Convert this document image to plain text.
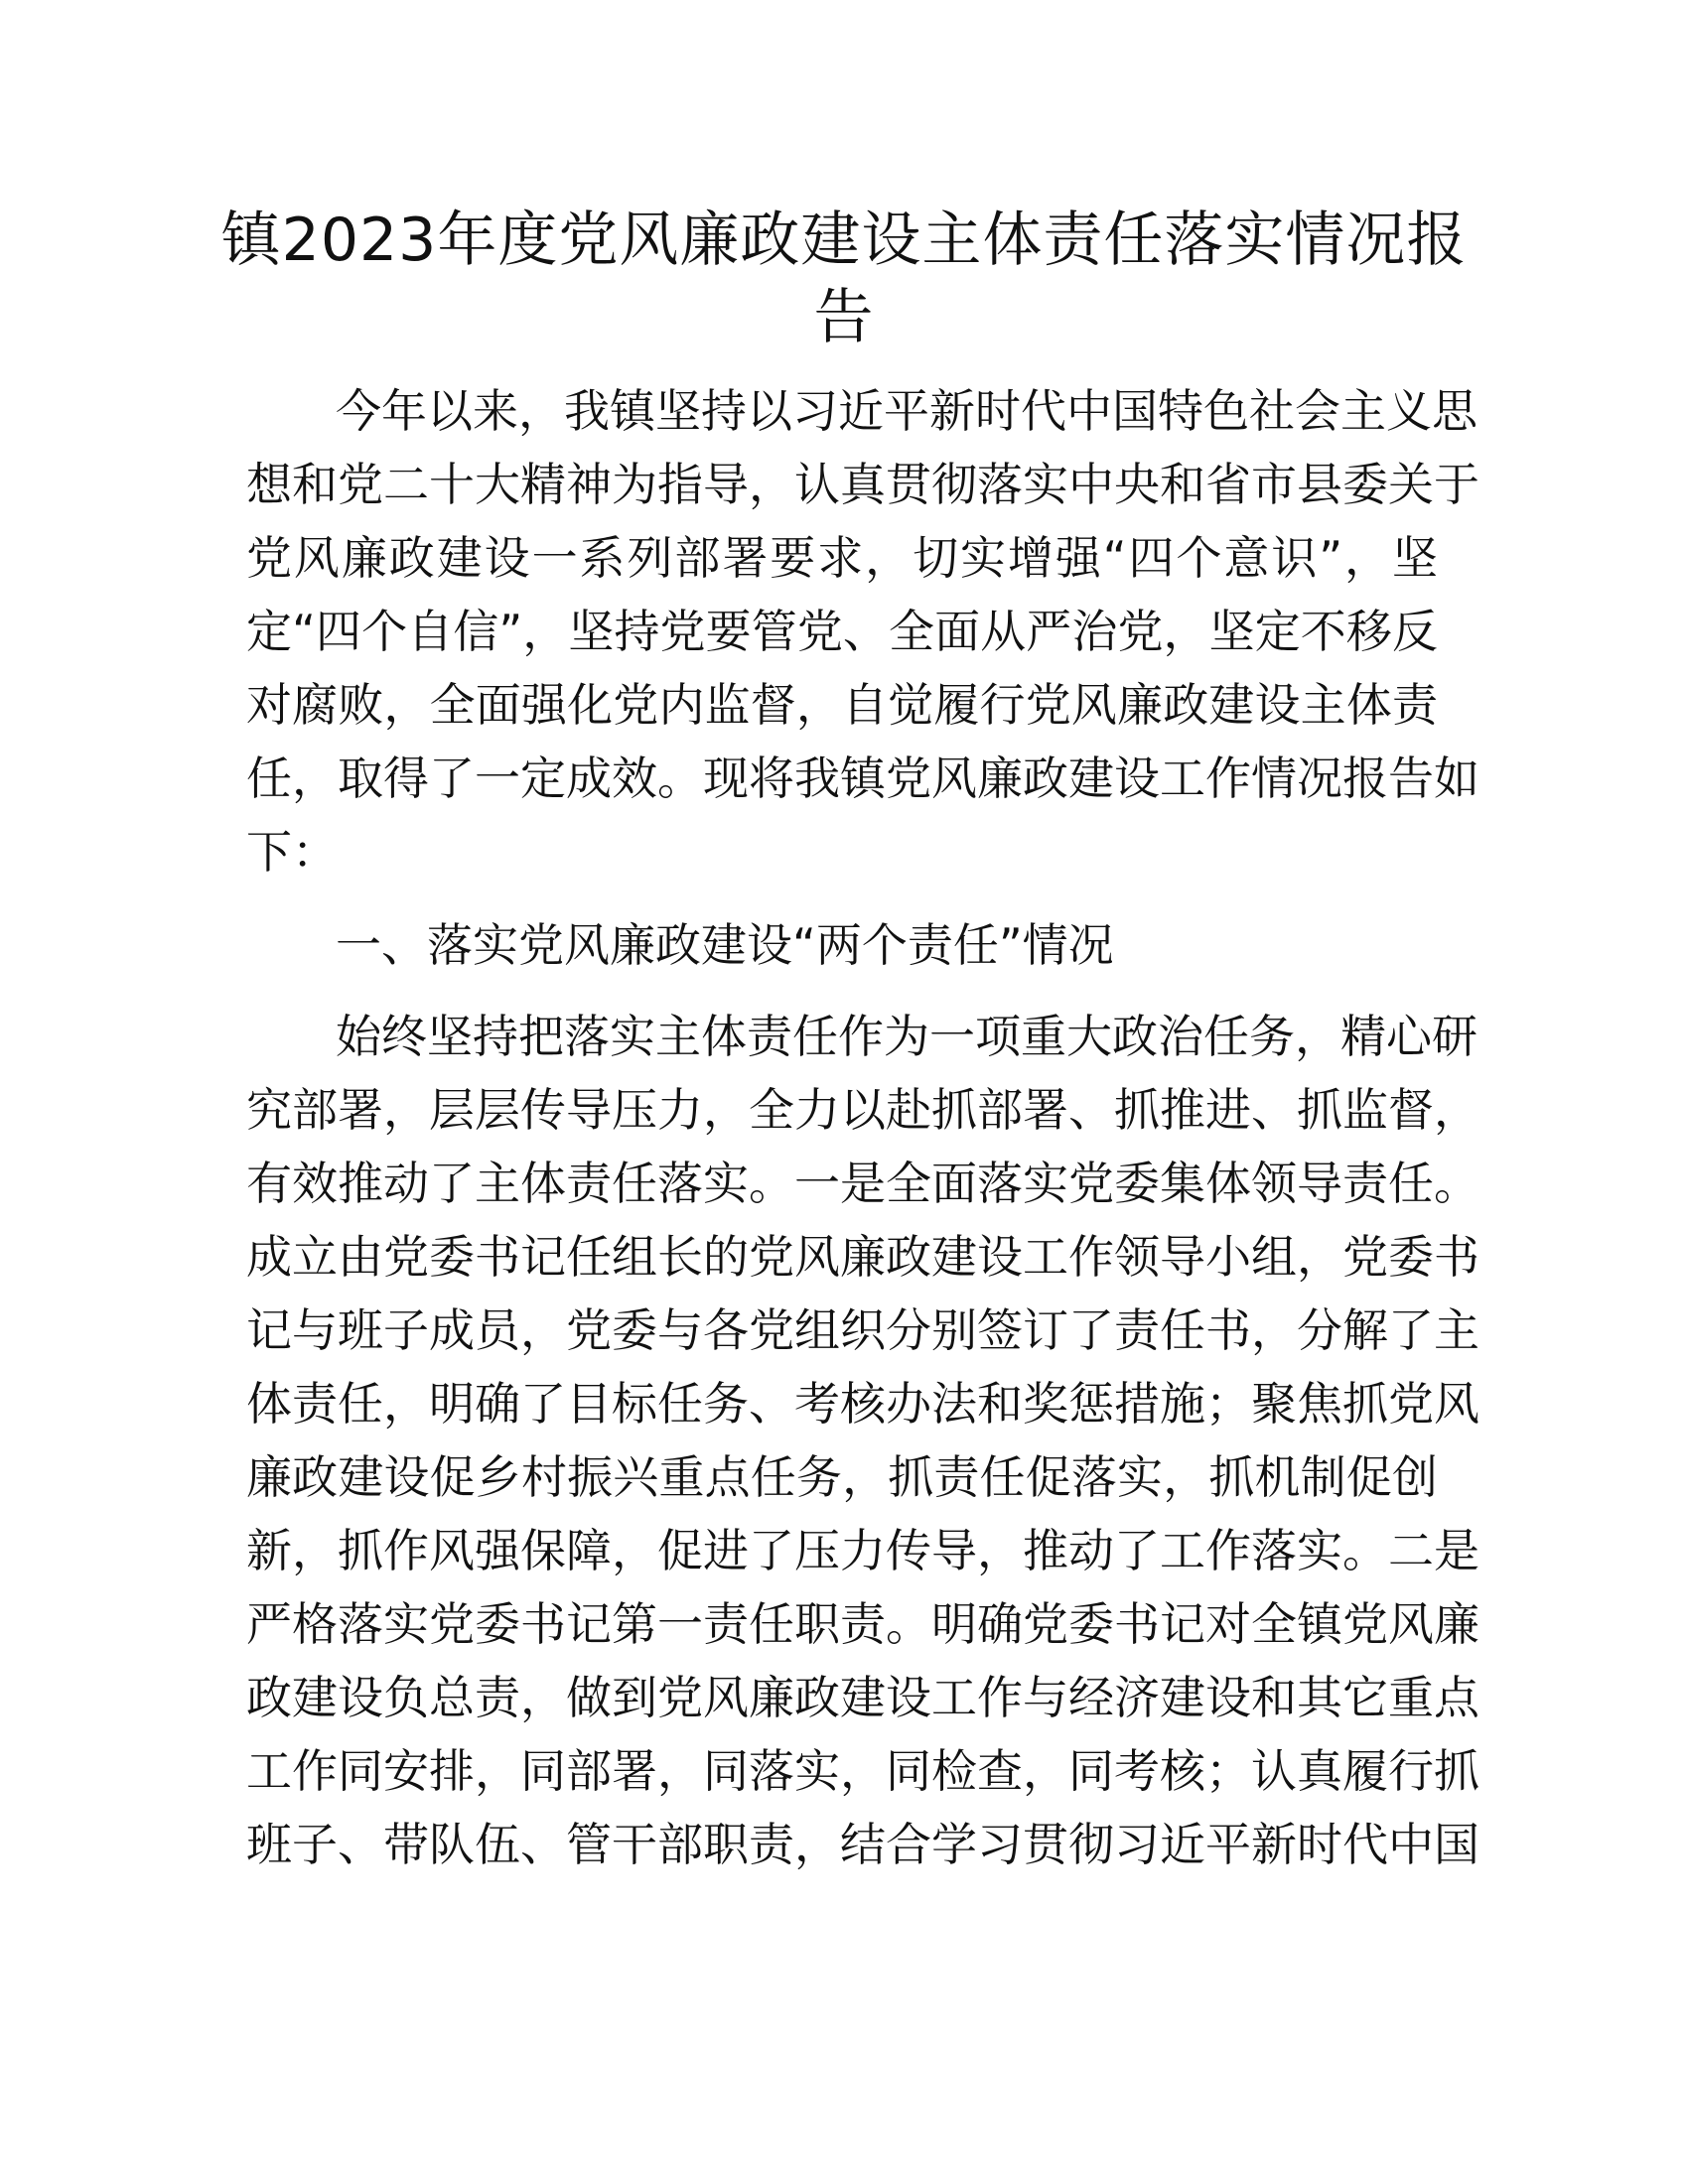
镇2023年度党风廉政建设主体责任落实情况报
告
今年以来，我镇坚持以习近平新时代中国特色社会主义思
想和党二十大精神为指导，认真贯彻落实中央和省市县委关于
党风廉政建设一系列部署要求，切实增强“四个意识”，坚
定“四个自信”，坚持党要管党、全面从严治党，坚定不移反
对腐败，全面强化党内监督，自觉履行党风廉政建设主体责
任，取得了一定成效。现将我镇党风廉政建设工作情况报告如
下：
一、落实党风廉政建设“两个责任”情况
始终坚持把落实主体责任作为一项重大政治任务，精心研
究部署，层层传导压力，全力以赴抓部署、抓推进、抓监督，
有效推动了主体责任落实。一是全面落实党委集体领导责任。
成立由党委书记任组长的党风廉政建设工作领导小组，党委书
记与班子成员，党委与各党组织分别签订了责任书，分解了主
体责任，明确了目标任务、考核办法和奖惩措施；聚焦抓党风
廉政建设促乡村振兴重点任务，抓责任促落实，抓机制促创
新，抓作风强保障，促进了压力传导，推动了工作落实。二是
严格落实党委书记第一责任职责。明确党委书记对全镇党风廉
政建设负总责，做到党风廉政建设工作与经济建设和其它重点
工作同安排，同部署，同落实，同检查，同考核；认真履行抓
班子、带队伍、管干部职责，结合学习贯彻习近平新时代中国
